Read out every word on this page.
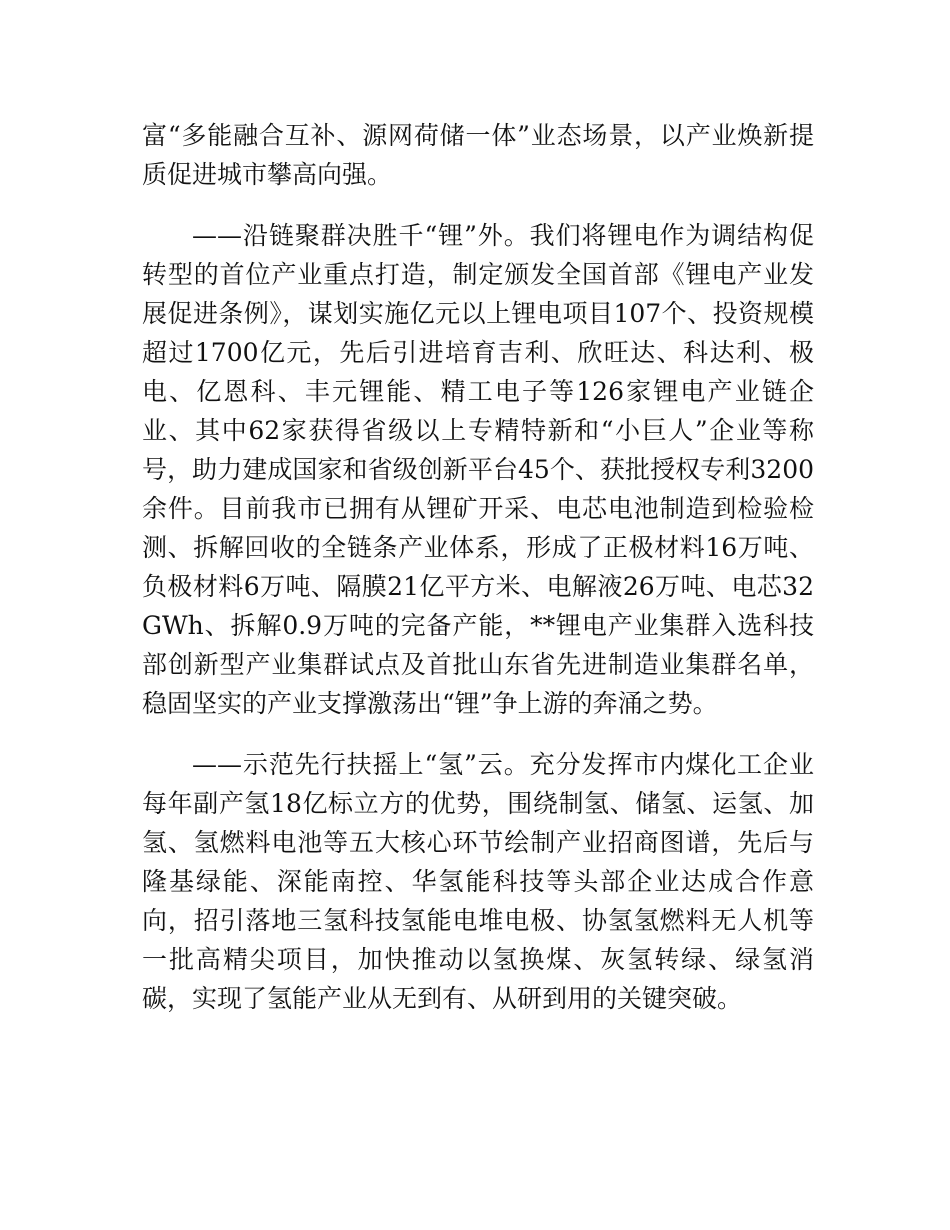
富“多能融合互补、源网荷储一体”业态场景，以产业焕新提质促进城市攀高向强。

——沿链聚群决胜千“锂”外。我们将锂电作为调结构促转型的首位产业重点打造，制定颁发全国首部《锂电产业发展促进条例》，谋划实施亿元以上锂电项目107个、投资规模超过1700亿元，先后引进培育吉利、欣旺达、科达利、极电、亿恩科、丰元锂能、精工电子等126家锂电产业链企业、其中62家获得省级以上专精特新和“小巨人”企业等称号，助力建成国家和省级创新平台45个、获批授权专利3200余件。目前我市已拥有从锂矿开采、电芯电池制造到检验检测、拆解回收的全链条产业体系，形成了正极材料16万吨、负极材料6万吨、隔膜21亿平方米、电解液26万吨、电芯32GWh、拆解0.9万吨的完备产能，**锂电产业集群入选科技部创新型产业集群试点及首批山东省先进制造业集群名单，稳固坚实的产业支撑激荡出“锂”争上游的奔涌之势。

——示范先行扶摇上“氢”云。充分发挥市内煤化工企业每年副产氢18亿标立方的优势，围绕制氢、储氢、运氢、加氢、氢燃料电池等五大核心环节绘制产业招商图谱，先后与隆基绿能、深能南控、华氢能科技等头部企业达成合作意向，招引落地三氢科技氢能电堆电极、协氢氢燃料无人机等一批高精尖项目，加快推动以氢换煤、灰氢转绿、绿氢消碳，实现了氢能产业从无到有、从研到用的关键突破。
